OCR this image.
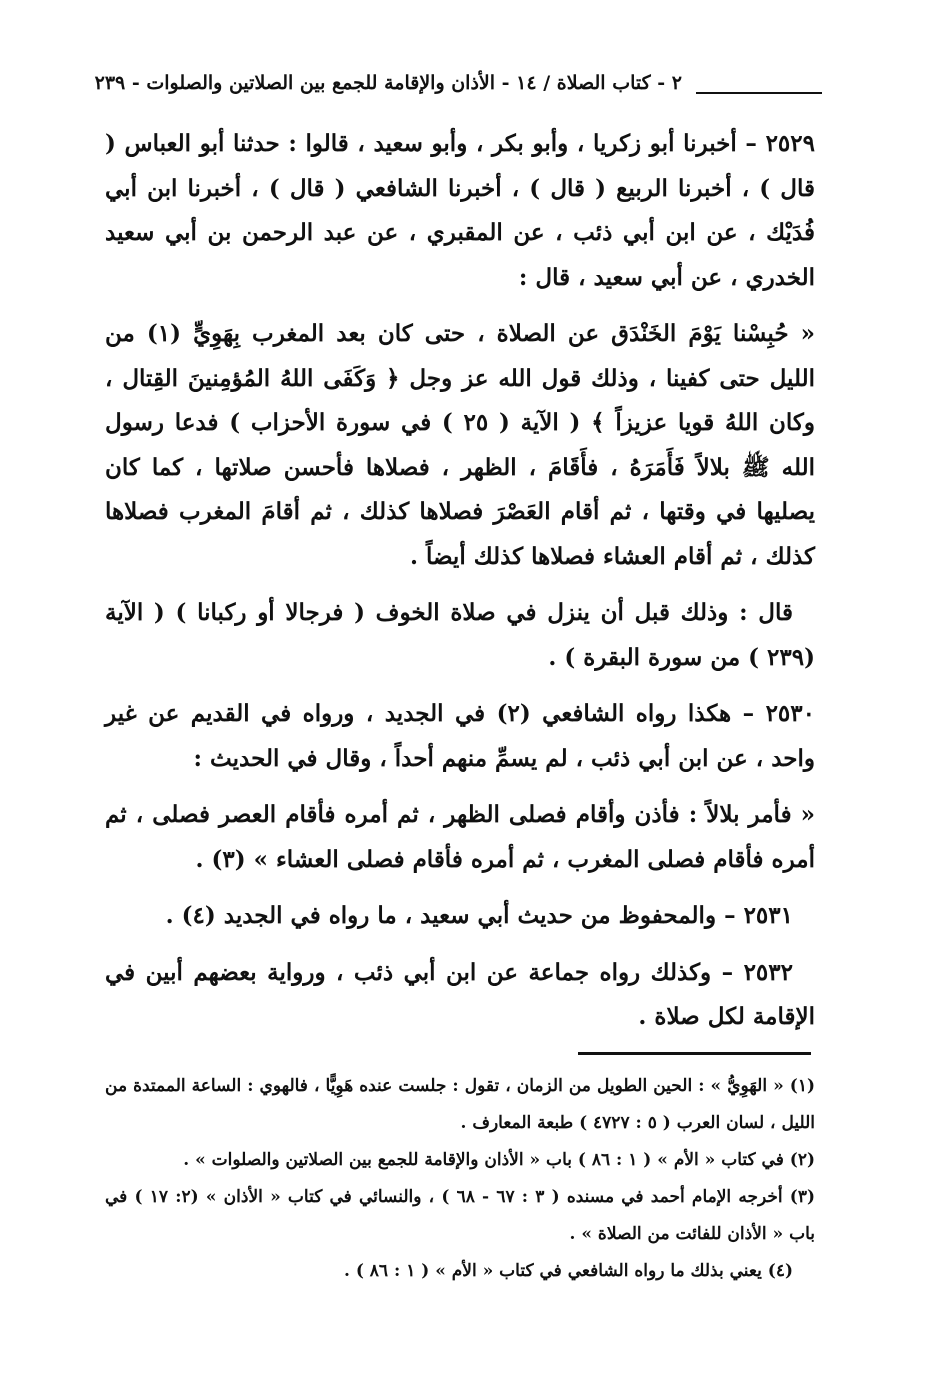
٢ - كتاب الصلاة / ١٤ - الأذان والإقامة للجمع بين الصلاتين والصلوات - ٢٣٩

٢٥٢٩ – أخبرنا أبو زكريا ، وأبو بكر ، وأبو سعيد ، قالوا : حدثنا أبو العباس ( قال ) ، أخبرنا الربيع ( قال ) ، أخبرنا الشافعي ( قال ) ، أخبرنا ابن أبي فُدَيْك ، عن ابن أبي ذئب ، عن المقبري ، عن عبد الرحمن بن أبي سعيد الخدري ، عن أبي سعيد ، قال :

« حُبِسْنا يَوْمَ الخَنْدَق عن الصلاة ، حتى كان بعد المغرب بِهَوِيٍّ (١) من الليل حتى كفينا ، وذلك قول الله عز وجل ﴿ وَكَفَى اللهُ المُؤمِنينَ القِتال ، وكان اللهُ قويا عزيزاً ﴾ ( الآية ( ٢٥ ) في سورة الأحزاب ) فدعا رسول الله ﷺ بلالاً فَأَمَرَهُ ، فأَقَامَ ، الظهر ، فصلاها فأحسن صلاتها ، كما كان يصليها في وقتها ، ثم أقام العَصْرَ فصلاها كذلك ، ثم أقامَ المغرب فصلاها كذلك ، ثم أقام العشاء فصلاها كذلك أيضاً .

قال : وذلك قبل أن ينزل في صلاة الخوف ( فرجالا أو ركبانا ) ( الآية (٢٣٩ ) من سورة البقرة ) .

٢٥٣٠ – هكذا رواه الشافعي (٢) في الجديد ، ورواه في القديم عن غير واحد ، عن ابن أبي ذئب ، لم يسمِّ منهم أحداً ، وقال في الحديث :

« فأمر بلالاً : فأذن وأقام فصلى الظهر ، ثم أمره فأقام العصر فصلى ، ثم أمره فأقام فصلى المغرب ، ثم أمره فأقام فصلى العشاء » (٣) .

٢٥٣١ – والمحفوظ من حديث أبي سعيد ، ما رواه في الجديد (٤) .

٢٥٣٢ – وكذلك رواه جماعة عن ابن أبي ذئب ، ورواية بعضهم أبين في الإقامة لكل صلاة .

(١) « الهَوِيُّ » : الحين الطويل من الزمان ، تقول : جلست عنده هَوِيًّا ، فالهوي : الساعة الممتدة من الليل ، لسان العرب ( ٥ : ٤٧٢٧ ) طبعة المعارف .

(٢) في كتاب « الأم » ( ١ : ٨٦ ) باب « الأذان والإقامة للجمع بين الصلاتين والصلوات » .

(٣) أخرجه الإمام أحمد في مسنده ( ٣ : ٦٧ - ٦٨ ) ، والنسائي في كتاب « الأذان » (٢: ١٧ ) في باب « الأذان للفائت من الصلاة » .

(٤) يعني بذلك ما رواه الشافعي في كتاب « الأم » ( ١ : ٨٦ ) .
